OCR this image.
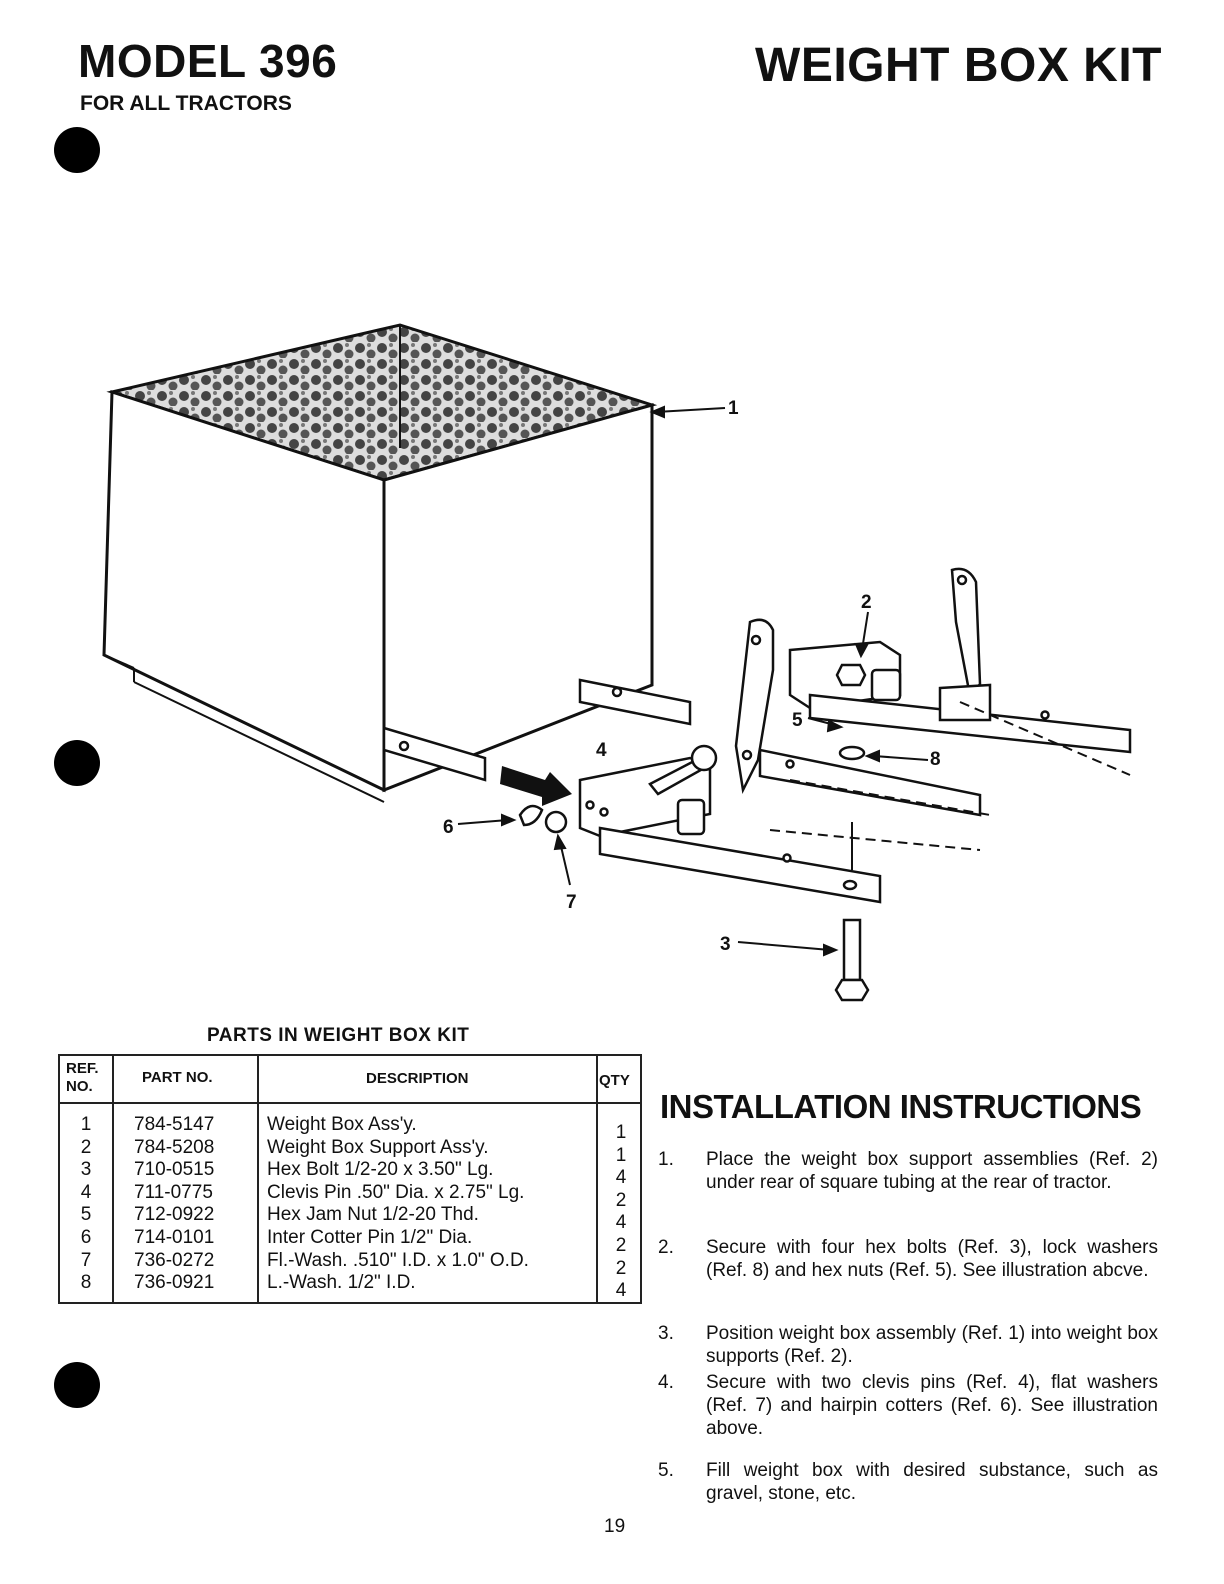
MODEL 396
FOR ALL TRACTORS
WEIGHT BOX KIT
1
2
3
4
5
6
7
8
PARTS IN WEIGHT BOX KIT
REF.
NO.
PART NO.	DESCRIPTION	QTY
1
2
3
4
5
6
7
8
784-5147
784-5208
710-0515
711-0775
712-0922
714-0101
736-0272
736-0921
Weight Box Ass'y.
Weight Box Support Ass'y.
Hex Bolt 1/2-20 x 3.50" Lg.
Clevis Pin .50" Dia. x 2.75" Lg.
Hex Jam Nut 1/2-20 Thd.
Inter Cotter Pin 1/2" Dia.
Fl.-Wash. .510" I.D. x 1.0" O.D.
L.-Wash. 1/2" I.D.
1
1
4
2
4
2
2
4
INSTALLATION INSTRUCTIONS
1. Place the weight box support assemblies (Ref. 2) under rear of square tubing at the rear of tractor.
2. Secure with four hex bolts (Ref. 3), lock washers (Ref. 8) and hex nuts (Ref. 5). See illustration abcve.
3. Position weight box assembly (Ref. 1) into weight box supports (Ref. 2).
4. Secure with two clevis pins (Ref. 4), flat washers (Ref. 7) and hairpin cotters (Ref. 6). See illustration above.
5. Fill weight box with desired substance, such as gravel, stone, etc.
19
